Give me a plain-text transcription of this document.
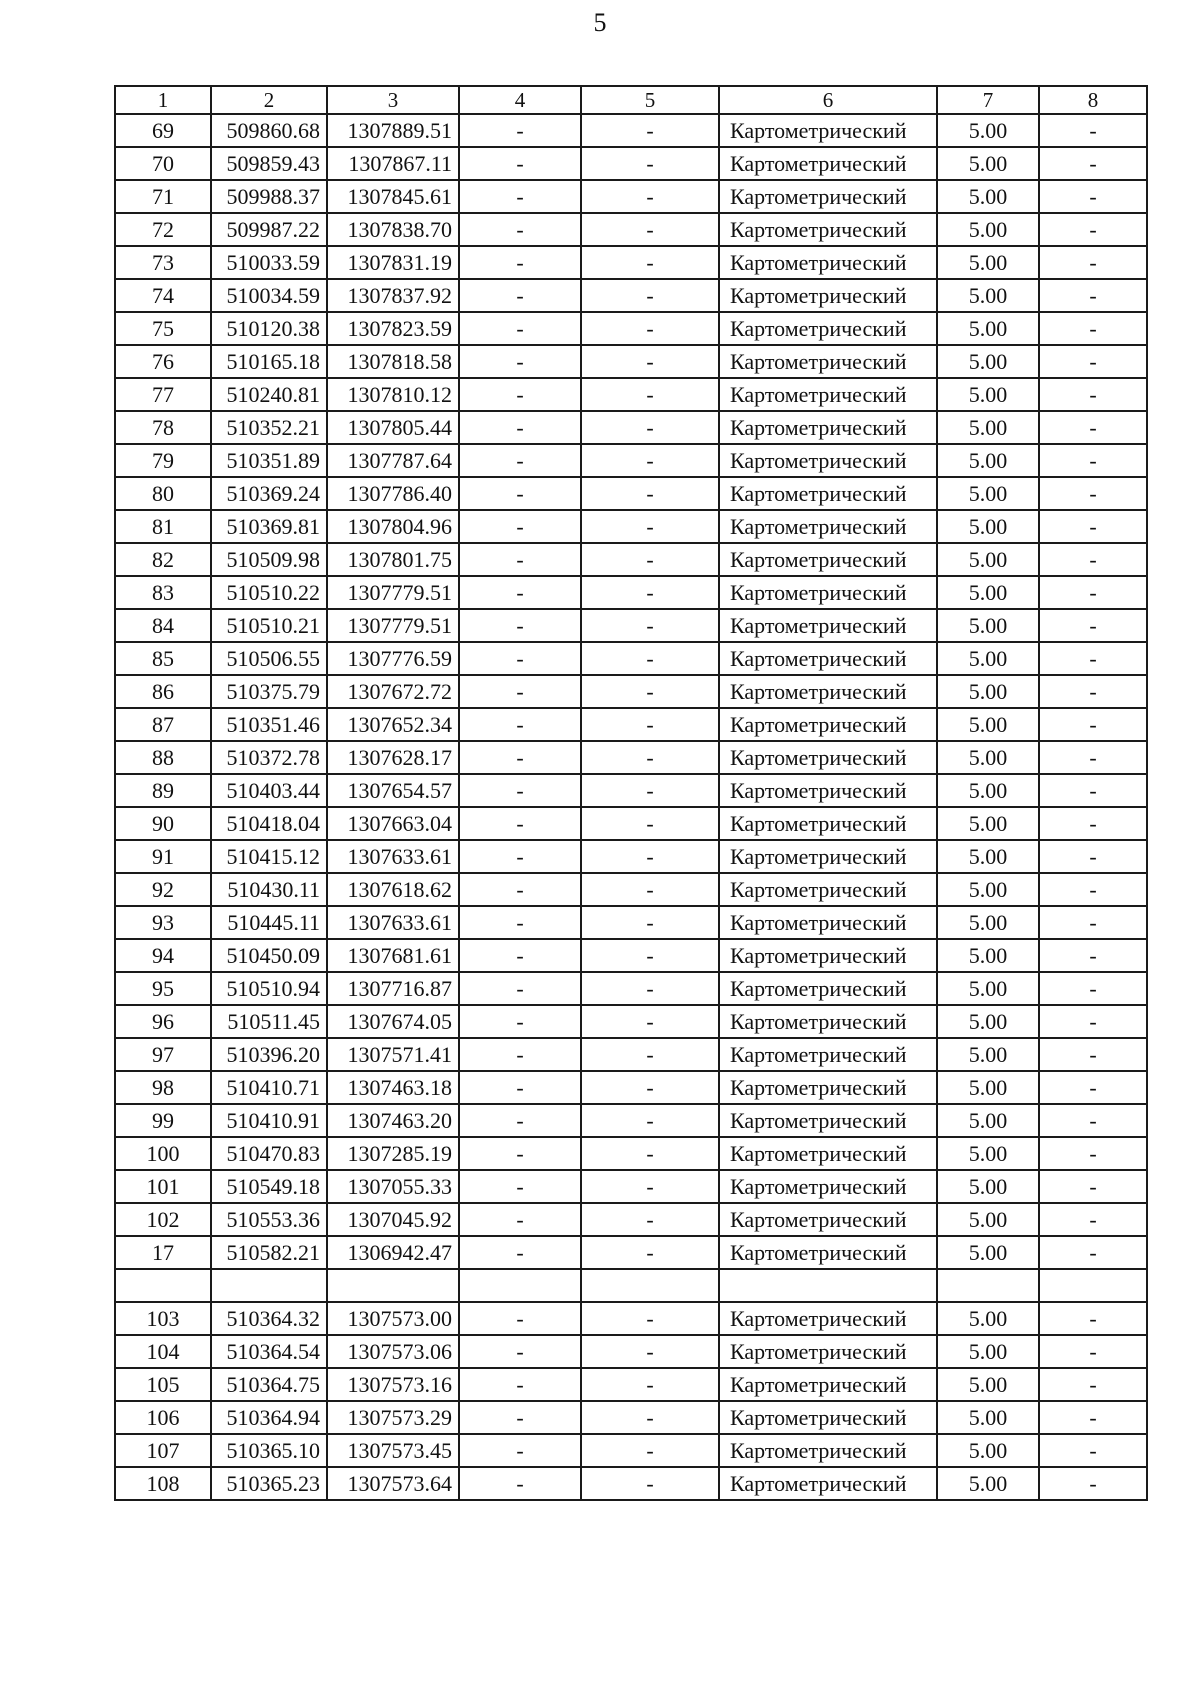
5
1	2	3	4	5	6	7	8
69	509860.68	1307889.51	-	-	Картометрический	5.00	-
70	509859.43	1307867.11	-	-	Картометрический	5.00	-
71	509988.37	1307845.61	-	-	Картометрический	5.00	-
72	509987.22	1307838.70	-	-	Картометрический	5.00	-
73	510033.59	1307831.19	-	-	Картометрический	5.00	-
74	510034.59	1307837.92	-	-	Картометрический	5.00	-
75	510120.38	1307823.59	-	-	Картометрический	5.00	-
76	510165.18	1307818.58	-	-	Картометрический	5.00	-
77	510240.81	1307810.12	-	-	Картометрический	5.00	-
78	510352.21	1307805.44	-	-	Картометрический	5.00	-
79	510351.89	1307787.64	-	-	Картометрический	5.00	-
80	510369.24	1307786.40	-	-	Картометрический	5.00	-
81	510369.81	1307804.96	-	-	Картометрический	5.00	-
82	510509.98	1307801.75	-	-	Картометрический	5.00	-
83	510510.22	1307779.51	-	-	Картометрический	5.00	-
84	510510.21	1307779.51	-	-	Картометрический	5.00	-
85	510506.55	1307776.59	-	-	Картометрический	5.00	-
86	510375.79	1307672.72	-	-	Картометрический	5.00	-
87	510351.46	1307652.34	-	-	Картометрический	5.00	-
88	510372.78	1307628.17	-	-	Картометрический	5.00	-
89	510403.44	1307654.57	-	-	Картометрический	5.00	-
90	510418.04	1307663.04	-	-	Картометрический	5.00	-
91	510415.12	1307633.61	-	-	Картометрический	5.00	-
92	510430.11	1307618.62	-	-	Картометрический	5.00	-
93	510445.11	1307633.61	-	-	Картометрический	5.00	-
94	510450.09	1307681.61	-	-	Картометрический	5.00	-
95	510510.94	1307716.87	-	-	Картометрический	5.00	-
96	510511.45	1307674.05	-	-	Картометрический	5.00	-
97	510396.20	1307571.41	-	-	Картометрический	5.00	-
98	510410.71	1307463.18	-	-	Картометрический	5.00	-
99	510410.91	1307463.20	-	-	Картометрический	5.00	-
100	510470.83	1307285.19	-	-	Картометрический	5.00	-
101	510549.18	1307055.33	-	-	Картометрический	5.00	-
102	510553.36	1307045.92	-	-	Картометрический	5.00	-
17	510582.21	1306942.47	-	-	Картометрический	5.00	-

103	510364.32	1307573.00	-	-	Картометрический	5.00	-
104	510364.54	1307573.06	-	-	Картометрический	5.00	-
105	510364.75	1307573.16	-	-	Картометрический	5.00	-
106	510364.94	1307573.29	-	-	Картометрический	5.00	-
107	510365.10	1307573.45	-	-	Картометрический	5.00	-
108	510365.23	1307573.64	-	-	Картометрический	5.00	-
